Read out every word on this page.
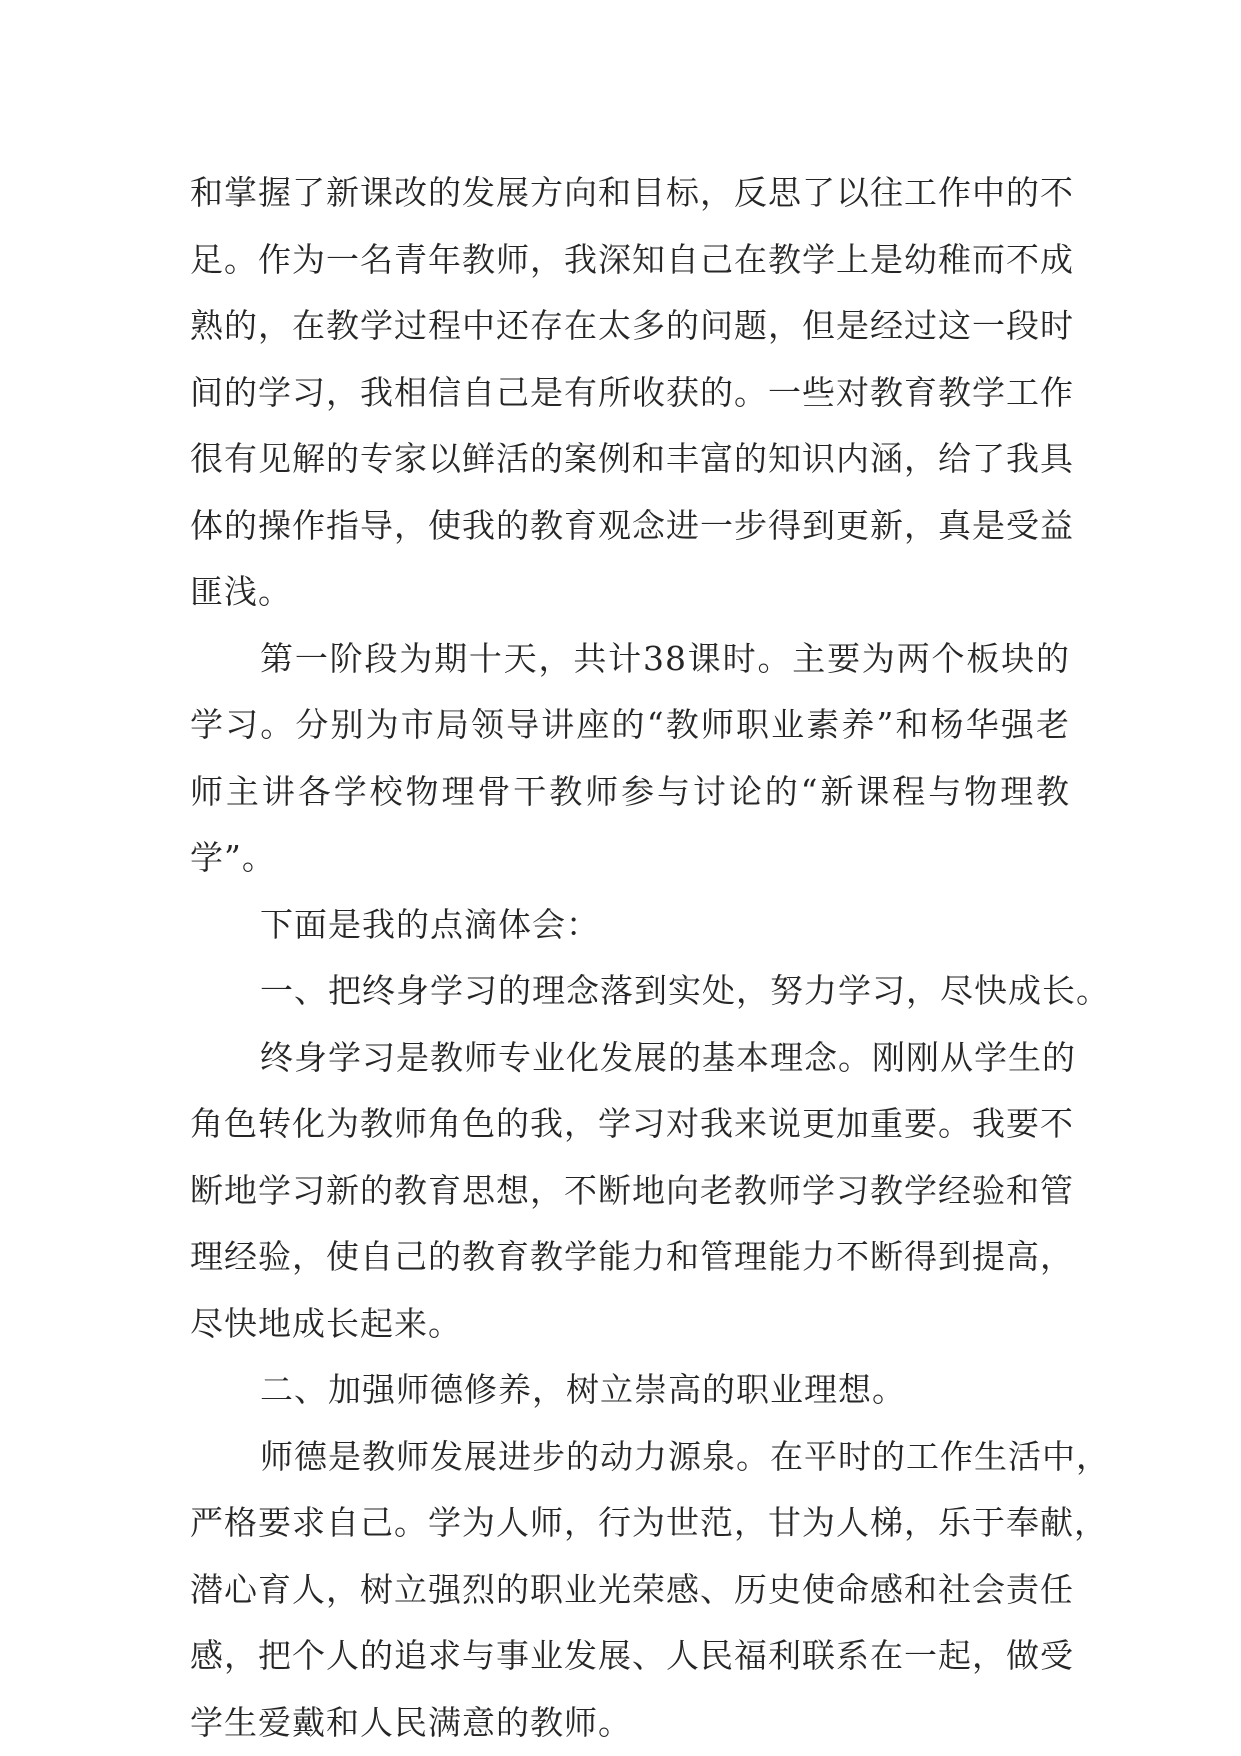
和掌握了新课改的发展方向和目标，反思了以往工作中的不
足。作为一名青年教师，我深知自己在教学上是幼稚而不成
熟的，在教学过程中还存在太多的问题，但是经过这一段时
间的学习，我相信自己是有所收获的。一些对教育教学工作
很有见解的专家以鲜活的案例和丰富的知识内涵，给了我具
体的操作指导，使我的教育观念进一步得到更新，真是受益
匪浅。
第一阶段为期十天，共计38课时。主要为两个板块的
学习。分别为市局领导讲座的“教师职业素养”和杨华强老
师主讲各学校物理骨干教师参与讨论的“新课程与物理教
学”。
下面是我的点滴体会：
一、把终身学习的理念落到实处，努力学习，尽快成长。
终身学习是教师专业化发展的基本理念。刚刚从学生的
角色转化为教师角色的我，学习对我来说更加重要。我要不
断地学习新的教育思想，不断地向老教师学习教学经验和管
理经验，使自己的教育教学能力和管理能力不断得到提高，
尽快地成长起来。
二、加强师德修养，树立崇高的职业理想。
师德是教师发展进步的动力源泉。在平时的工作生活中，
严格要求自己。学为人师，行为世范，甘为人梯，乐于奉献，
潜心育人，树立强烈的职业光荣感、历史使命感和社会责任
感，把个人的追求与事业发展、人民福利联系在一起，做受
学生爱戴和人民满意的教师。
